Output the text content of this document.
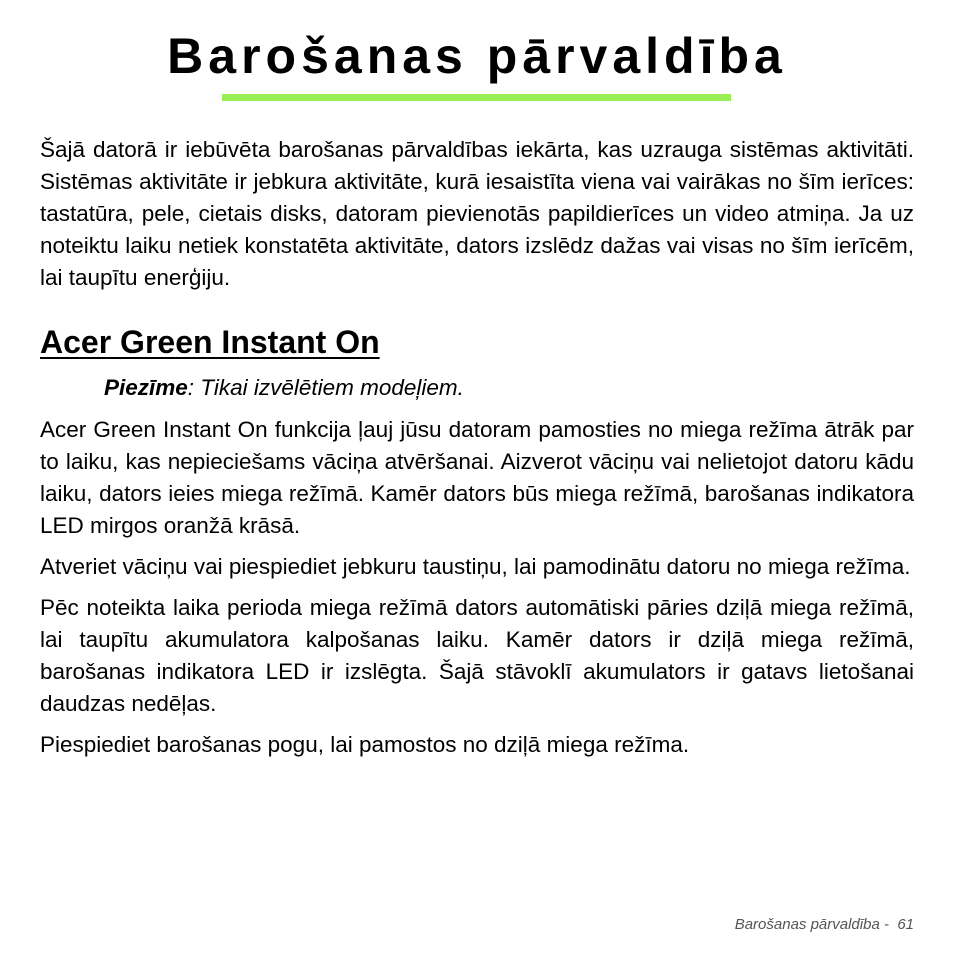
Barošanas pārvaldība

Šajā datorā ir iebūvēta barošanas pārvaldības iekārta, kas uzrauga sistēmas aktivitāti. Sistēmas aktivitāte ir jebkura aktivitāte, kurā iesaistīta viena vai vairākas no šīm ierīces: tastatūra, pele, cietais disks, datoram pievienotās papildierīces un video atmiņa. Ja uz noteiktu laiku netiek konstatēta aktivitāte, dators izslēdz dažas vai visas no šīm ierīcēm, lai taupītu enerģiju.

Acer Green Instant On

Piezīme: Tikai izvēlētiem modeļiem.

Acer Green Instant On funkcija ļauj jūsu datoram pamosties no miega režīma ātrāk par to laiku, kas nepieciešams vāciņa atvēršanai. Aizverot vāciņu vai nelietojot datoru kādu laiku, dators ieies miega režīmā. Kamēr dators būs miega režīmā, barošanas indikatora LED mirgos oranžā krāsā.

Atveriet vāciņu vai piespiediet jebkuru taustiņu, lai pamodinātu datoru no miega režīma.

Pēc noteikta laika perioda miega režīmā dators automātiski pāries dziļā miega režīmā, lai taupītu akumulatora kalpošanas laiku. Kamēr dators ir dziļā miega režīmā, barošanas indikatora LED ir izslēgta. Šajā stāvoklī akumulators ir gatavs lietošanai daudzas nedēļas.

Piespiediet barošanas pogu, lai pamostos no dziļā miega režīma.

Barošanas pārvaldība - 61
